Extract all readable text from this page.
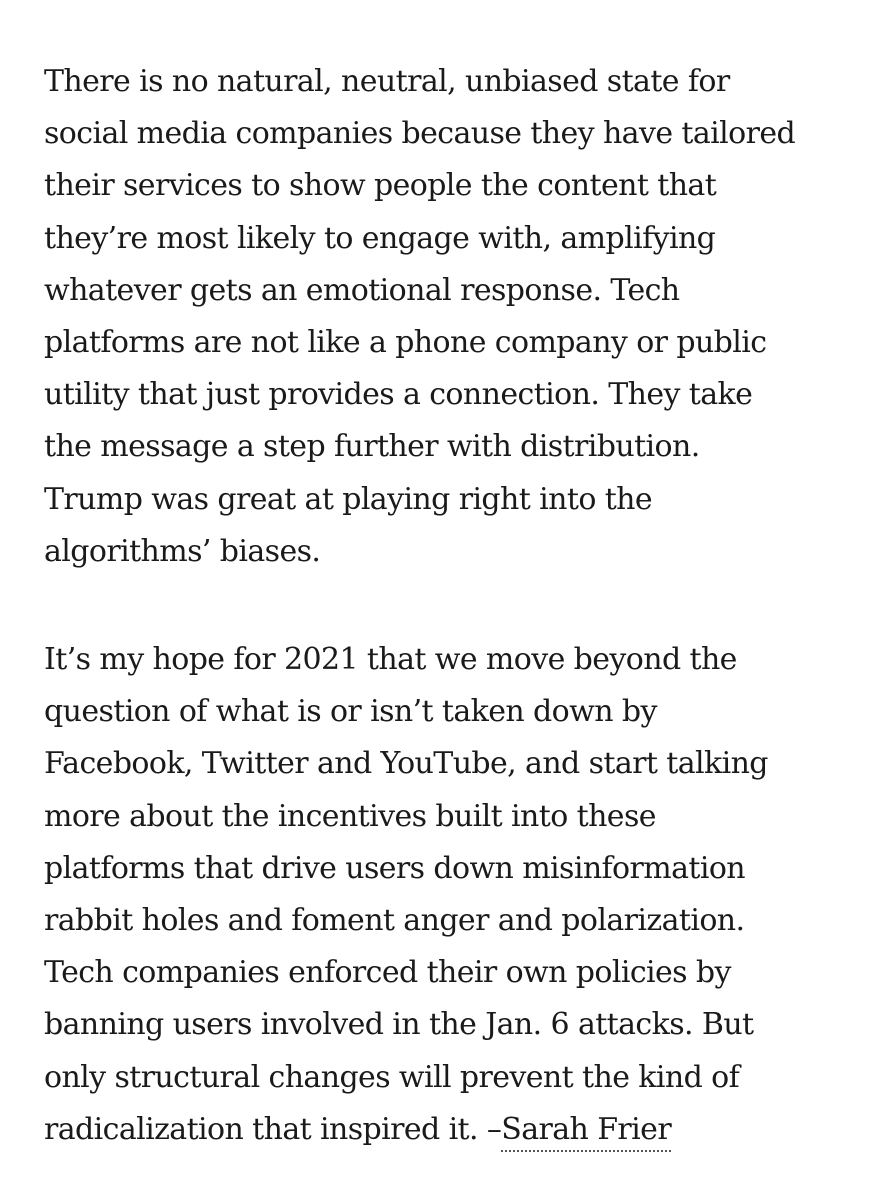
There is no natural, neutral, unbiased state for
social media companies because they have tailored
their services to show people the content that
they’re most likely to engage with, amplifying
whatever gets an emotional response. Tech
platforms are not like a phone company or public
utility that just provides a connection. They take
the message a step further with distribution.
Trump was great at playing right into the
algorithms’ biases.

It’s my hope for 2021 that we move beyond the
question of what is or isn’t taken down by
Facebook, Twitter and YouTube, and start talking
more about the incentives built into these
platforms that drive users down misinformation
rabbit holes and foment anger and polarization.
Tech companies enforced their own policies by
banning users involved in the Jan. 6 attacks. But
only structural changes will prevent the kind of
radicalization that inspired it. –Sarah Frier
